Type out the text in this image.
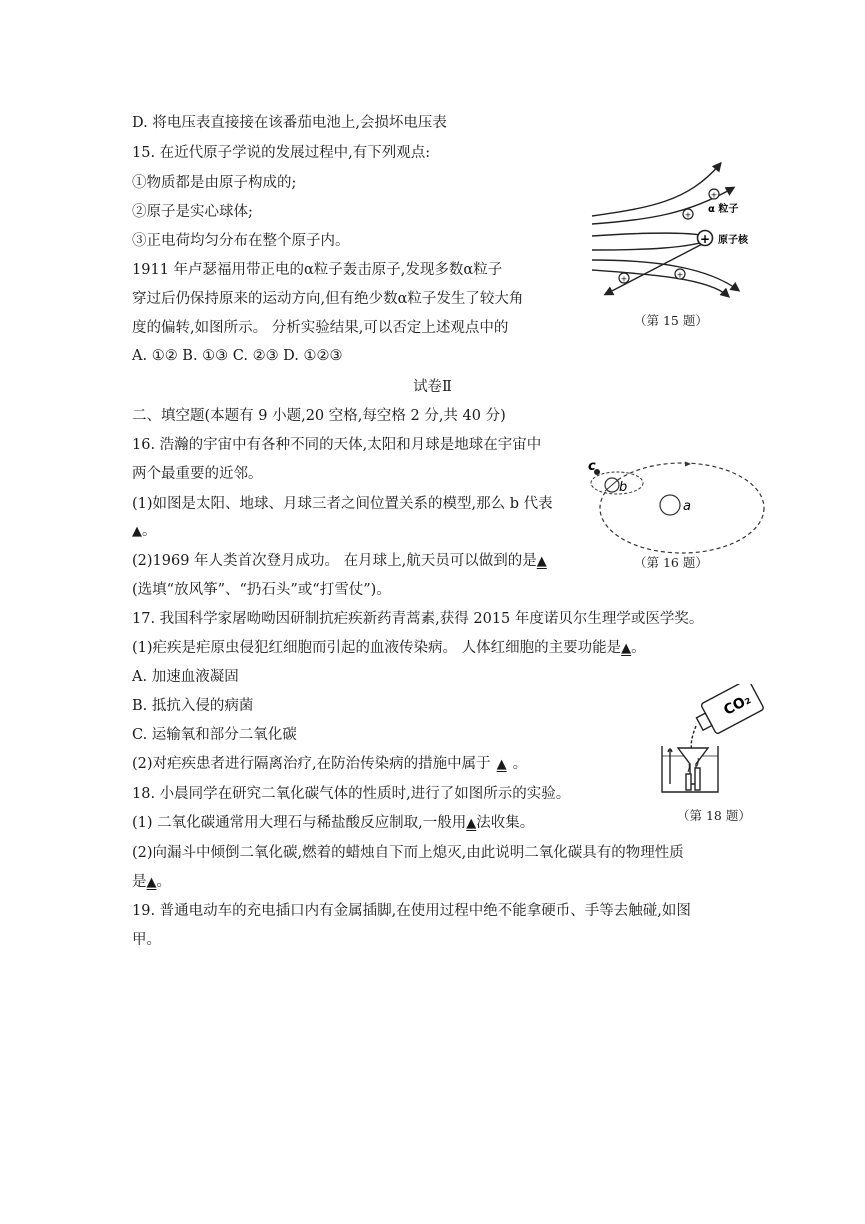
D. 将电压表直接接在该番茄电池上,会损坏电压表
15. 在近代原子学说的发展过程中,有下列观点:
①物质都是由原子构成的;
②原子是实心球体;
③正电荷均匀分布在整个原子内。
1911 年卢瑟福用带正电的α粒子轰击原子,发现多数α粒子
穿过后仍保持原来的运动方向,但有绝少数α粒子发生了较大角
度的偏转,如图所示。 分析实验结果,可以否定上述观点中的
A. ①② B. ①③ C. ②③ D. ①②③
+
+
+	+
+
α 粒子
原子核
（第 15 题）
试卷Ⅱ
二、填空题(本题有 9 小题,20 空格,每空格 2 分,共 40 分)
16. 浩瀚的宇宙中有各种不同的天体,太阳和月球是地球在宇宙中
两个最重要的近邻。
(1)如图是太阳、地球、月球三者之间位置关系的模型,那么 b 代表
▲。
(2)1969 年人类首次登月成功。 在月球上,航天员可以做到的是▲
(选填“放风筝”、“扔石头”或“打雪仗”)。
c
b
a
（第 16 题）
17. 我国科学家屠呦呦因研制抗疟疾新药青蒿素,获得 2015 年度诺贝尔生理学或医学奖。
(1)疟疾是疟原虫侵犯红细胞而引起的血液传染病。 人体红细胞的主要功能是▲。
A. 加速血液凝固
B. 抵抗入侵的病菌
C. 运输氧和部分二氧化碳
(2)对疟疾患者进行隔离治疗,在防治传染病的措施中属于 ▲ 。
CO₂
（第 18 题）
18. 小晨同学在研究二氧化碳气体的性质时,进行了如图所示的实验。
(1) 二氧化碳通常用大理石与稀盐酸反应制取,一般用▲法收集。
(2)向漏斗中倾倒二氧化碳,燃着的蜡烛自下而上熄灭,由此说明二氧化碳具有的物理性质
是▲。
19. 普通电动车的充电插口内有金属插脚,在使用过程中绝不能拿硬币、手等去触碰,如图
甲。
